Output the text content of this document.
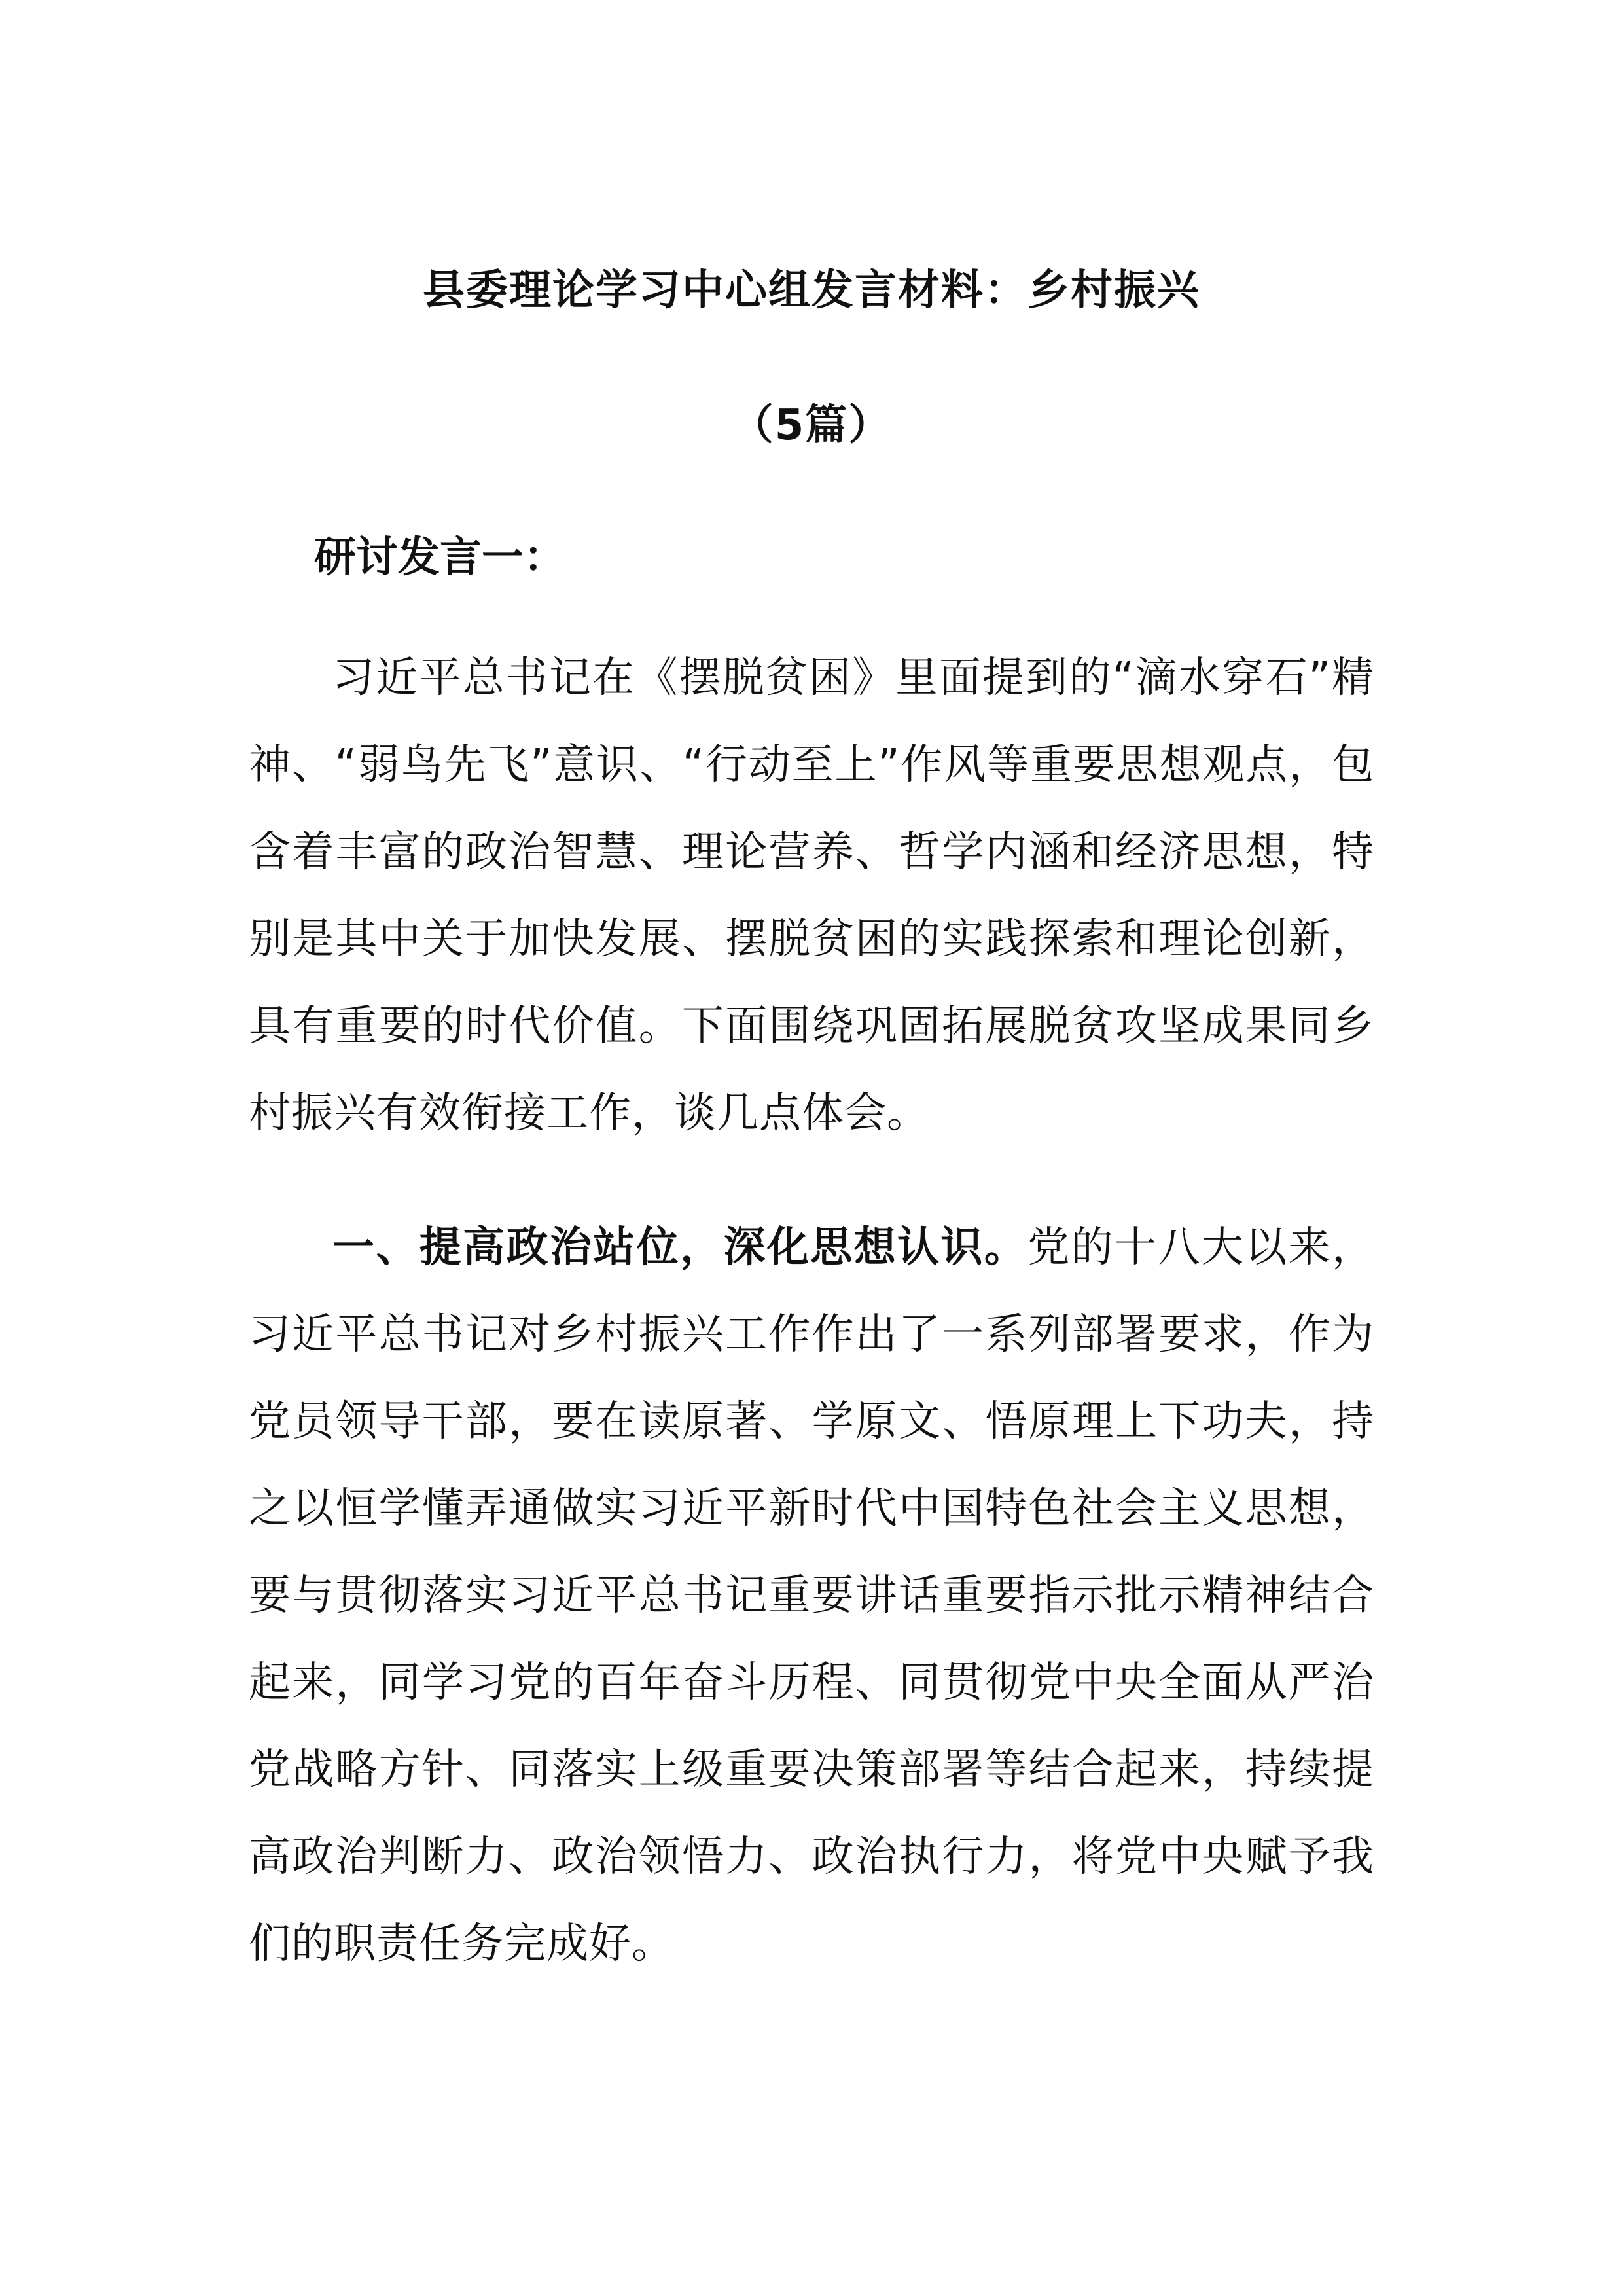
县委理论学习中心组发言材料：乡村振兴
（5篇）
研讨发言一：

习近平总书记在《摆脱贫困》里面提到的“滴水穿石”精神、“弱鸟先飞”意识、“行动至上”作风等重要思想观点，包含着丰富的政治智慧、理论营养、哲学内涵和经济思想，特别是其中关于加快发展、摆脱贫困的实践探索和理论创新，具有重要的时代价值。下面围绕巩固拓展脱贫攻坚成果同乡村振兴有效衔接工作，谈几点体会。

一、提高政治站位，深化思想认识。党的十八大以来，习近平总书记对乡村振兴工作作出了一系列部署要求，作为党员领导干部，要在读原著、学原文、悟原理上下功夫，持之以恒学懂弄通做实习近平新时代中国特色社会主义思想，要与贯彻落实习近平总书记重要讲话重要指示批示精神结合起来，同学习党的百年奋斗历程、同贯彻党中央全面从严治党战略方针、同落实上级重要决策部署等结合起来，持续提高政治判断力、政治领悟力、政治执行力，将党中央赋予我们的职责任务完成好。
